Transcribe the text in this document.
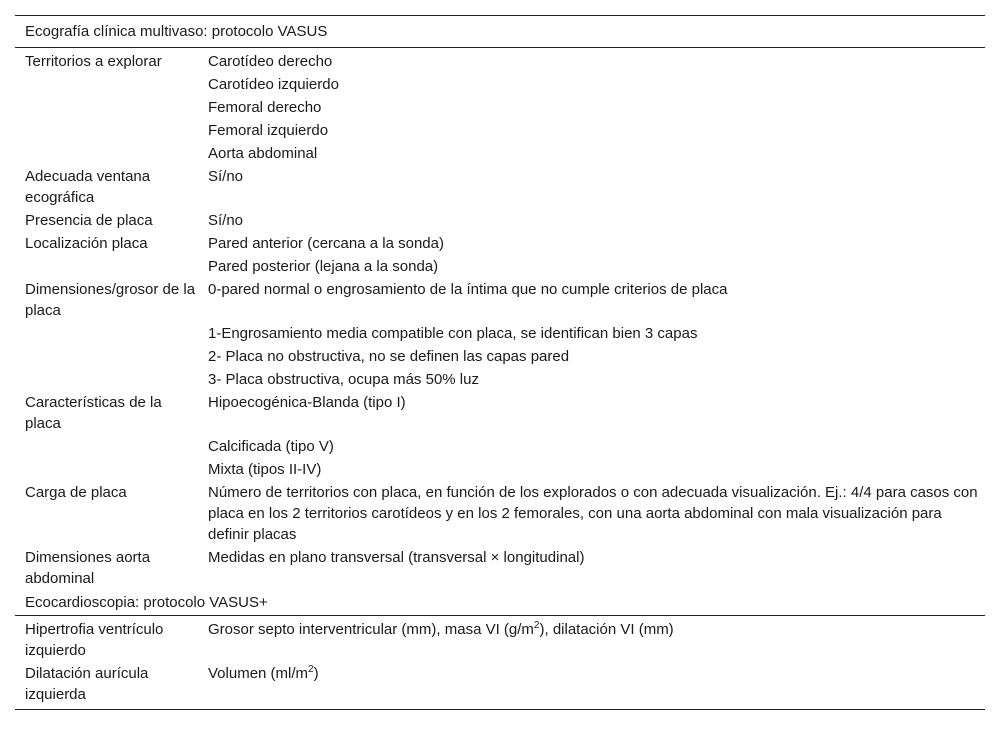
Ecografía clínica multivaso: protocolo VASUS	
Territorios a explorar	Carotídeo derecho
	Carotídeo izquierdo
	Femoral derecho
	Femoral izquierdo
	Aorta abdominal
Adecuada ventana ecográfica	Sí/no
Presencia de placa	Sí/no
Localización placa	Pared anterior (cercana a la sonda)
	Pared posterior (lejana a la sonda)
Dimensiones/grosor de la placa	0-pared normal o engrosamiento de la íntima que no cumple criterios de placa
	1-Engrosamiento media compatible con placa, se identifican bien 3 capas
	2- Placa no obstructiva, no se definen las capas pared
	3- Placa obstructiva, ocupa más 50% luz
Características de la placa	Hipoecogénica-Blanda (tipo I)
	Calcificada (tipo V)
	Mixta (tipos II-IV)
Carga de placa	Número de territorios con placa, en función de los explorados o con adecuada visualización. Ej.: 4/4 para casos con placa en los 2 territorios carotídeos y en los 2 femorales, con una aorta abdominal con mala visualización para definir placas
Dimensiones aorta abdominal	Medidas en plano transversal (transversal × longitudinal)
Ecocardioscopia: protocolo VASUS+	
Hipertrofia ventrículo izquierdo	Grosor septo interventricular (mm), masa VI $(g/m^2)$, dilatación VI (mm)
Dilatación aurícula izquierda	Volumen $(ml/m^2)$
